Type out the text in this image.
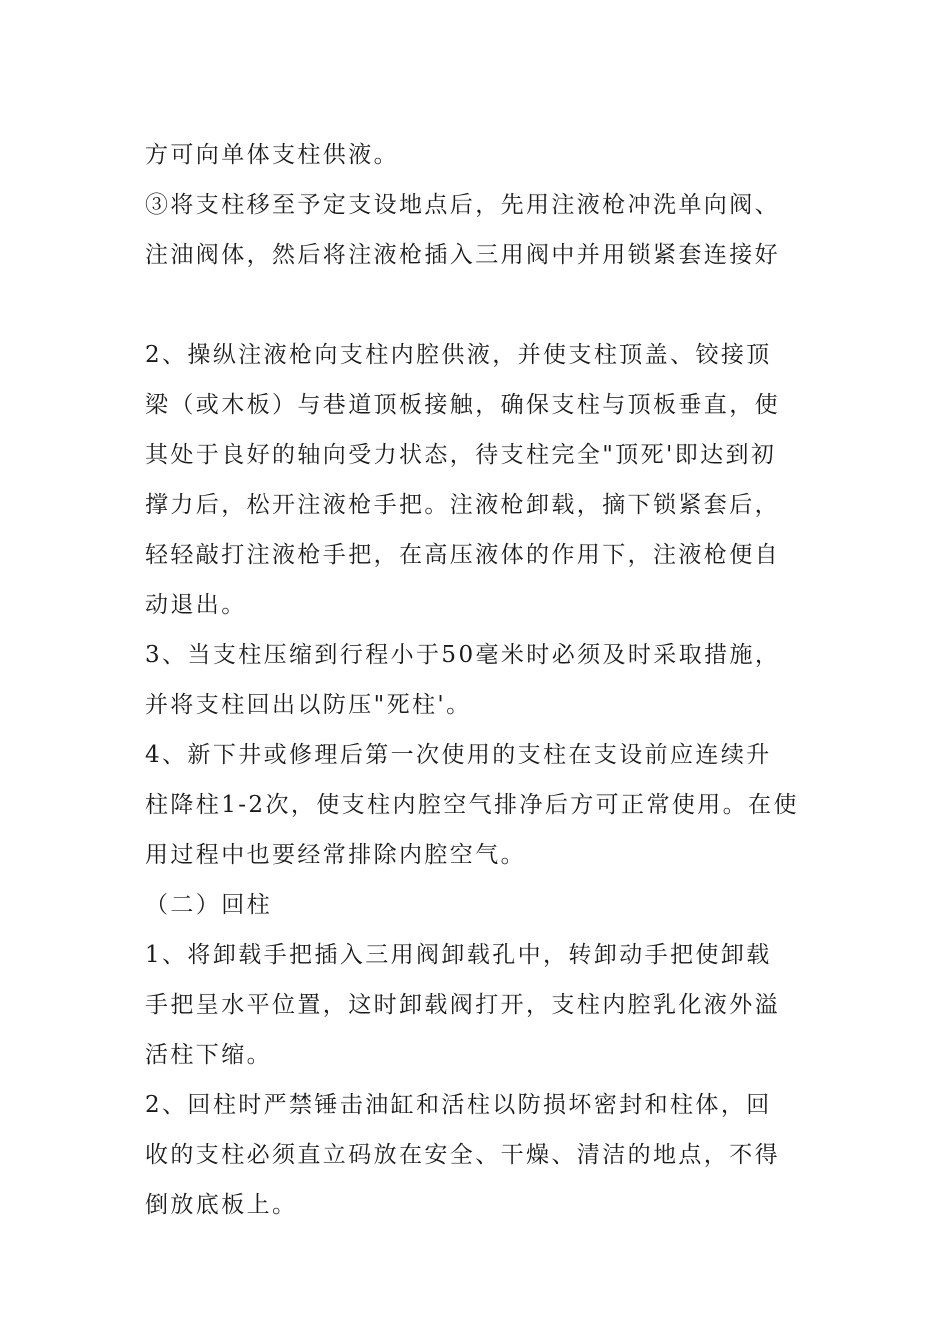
方可向单体支柱供液。
③将支柱移至予定支设地点后，先用注液枪冲洗单向阀、
注油阀体，然后将注液枪插入三用阀中并用锁紧套连接好
2、操纵注液枪向支柱内腔供液，并使支柱顶盖、铰接顶
梁（或木板）与巷道顶板接触，确保支柱与顶板垂直，使
其处于良好的轴向受力状态，待支柱完全"顶死'即达到初
撑力后，松开注液枪手把。注液枪卸载，摘下锁紧套后，
轻轻敲打注液枪手把，在高压液体的作用下，注液枪便自
动退出。
3、当支柱压缩到行程小于50毫米时必须及时采取措施，
并将支柱回出以防压"死柱'。
4、新下井或修理后第一次使用的支柱在支设前应连续升
柱降柱1-2次，使支柱内腔空气排净后方可正常使用。在使
用过程中也要经常排除内腔空气。
（二）回柱
1、将卸载手把插入三用阀卸载孔中，转卸动手把使卸载
手把呈水平位置，这时卸载阀打开，支柱内腔乳化液外溢
活柱下缩。
2、回柱时严禁锤击油缸和活柱以防损坏密封和柱体，回
收的支柱必须直立码放在安全、干燥、清洁的地点，不得
倒放底板上。
